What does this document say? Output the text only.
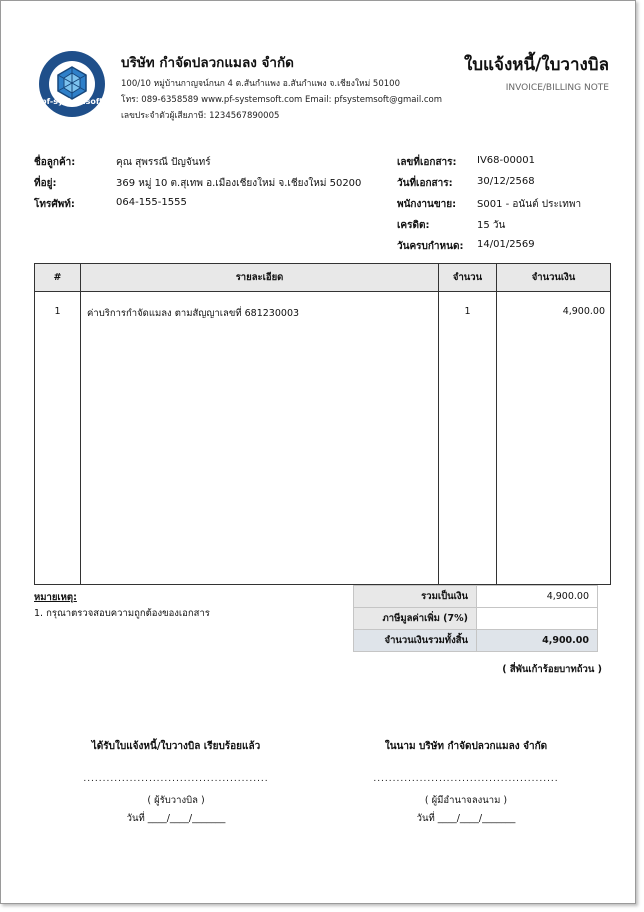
pf-systemsoft
บริษัท กำจัดปลวกแมลง จำกัด
100/10 หมู่บ้านกาญจน์กนก 4 ต.สันกำแพง อ.สันกำแพง จ.เชียงใหม่ 50100
โทร: 089-6358589 www.pf-systemsoft.com Email: pfsystemsoft@gmail.com
เลขประจำตัวผู้เสียภาษี: 1234567890005
ใบแจ้งหนี้/ใบวางบิล
INVOICE/BILLING NOTE
ชื่อลูกค้า:	คุณ สุพรรณี ปัญจันทร์
ที่อยู่:	369 หมู่ 10 ต.สุเทพ อ.เมืองเชียงใหม่ จ.เชียงใหม่ 50200
โทรศัพท์:	064-155-1555
เลขที่เอกสาร: IV68-00001
วันที่เอกสาร: 30/12/2568
พนักงานขาย: S001 - อนันต์ ประเทพา
เครดิต:	15 วัน
วันครบกำหนด: 14/01/2569
#	รายละเอียด	จำนวน	จำนวนเงิน
1	ค่าบริการกำจัดแมลง ตามสัญญาเลขที่ 681230003	1	4,900.00
หมายเหตุ:
1. กรุณาตรวจสอบความถูกต้องของเอกสาร
รวมเป็นเงิน	4,900.00
ภาษีมูลค่าเพิ่ม (7%)	
จำนวนเงินรวมทั้งสิ้น	4,900.00
( สี่พันเก้าร้อยบาทถ้วน )
ได้รับใบแจ้งหนี้/ใบวางบิล เรียบร้อยแล้ว
................................................
( ผู้รับวางบิล )
วันที่ ____/____/_______
ในนาม บริษัท กำจัดปลวกแมลง จำกัด
................................................
( ผู้มีอำนาจลงนาม )
วันที่ ____/____/_______
